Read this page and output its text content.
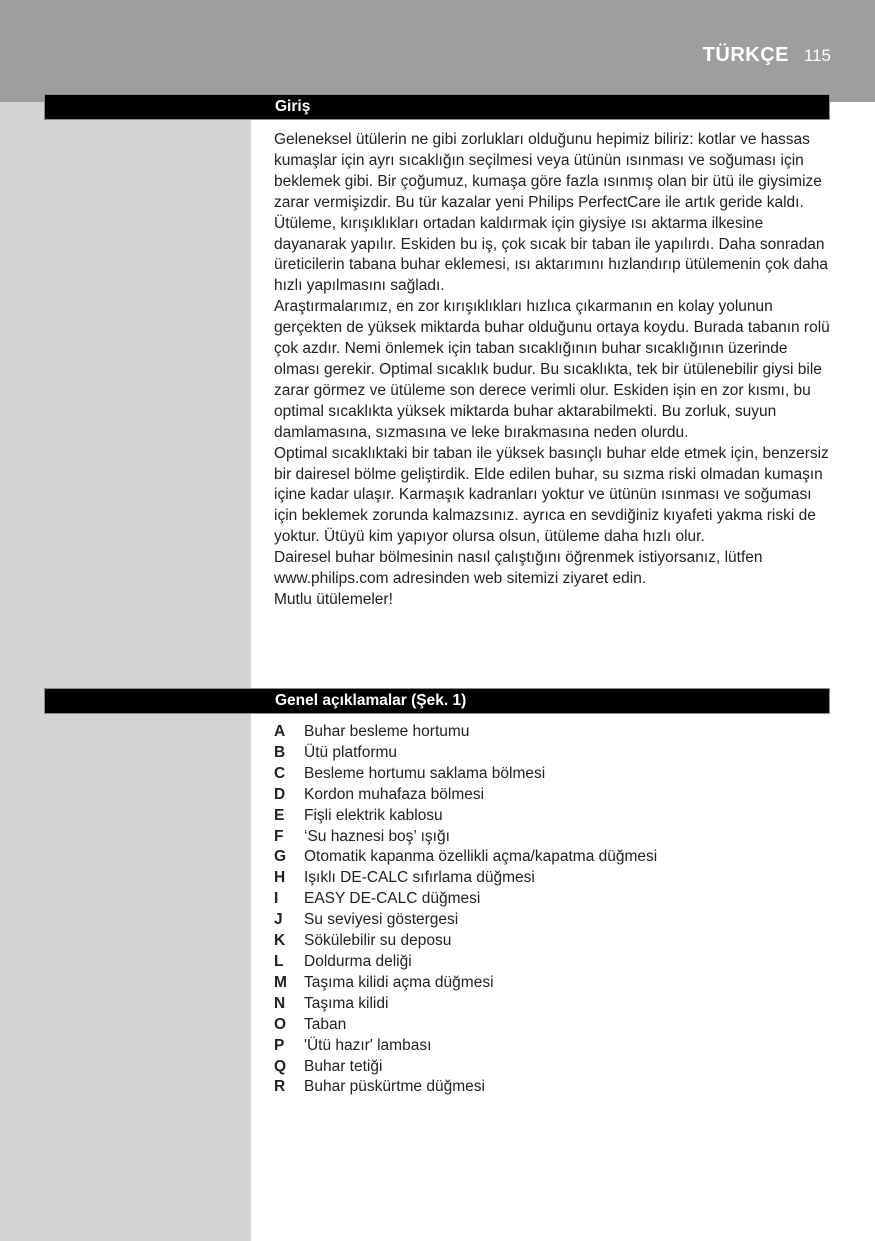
TÜRKÇE 115
Giriş

Geleneksel ütülerin ne gibi zorlukları olduğunu hepimiz biliriz: kotlar ve hassas kumaşlar için ayrı sıcaklığın seçilmesi veya ütünün ısınması ve soğuması için beklemek gibi. Bir çoğumuz, kumaşa göre fazla ısınmış olan bir ütü ile giysimize zarar vermişizdir. Bu tür kazalar yeni Philips PerfectCare ile artık geride kaldı.

Ütüleme, kırışıklıkları ortadan kaldırmak için giysiye ısı aktarma ilkesine dayanarak yapılır. Eskiden bu iş, çok sıcak bir taban ile yapılırdı. Daha sonradan üreticilerin tabana buhar eklemesi, ısı aktarımını hızlandırıp ütülemenin çok daha hızlı yapılmasını sağladı.

Araştırmalarımız, en zor kırışıklıkları hızlıca çıkarmanın en kolay yolunun gerçekten de yüksek miktarda buhar olduğunu ortaya koydu. Burada tabanın rolü çok azdır. Nemi önlemek için taban sıcaklığının buhar sıcaklığının üzerinde olması gerekir. Optimal sıcaklık budur. Bu sıcaklıkta, tek bir ütülenebilir giysi bile zarar görmez ve ütüleme son derece verimli olur. Eskiden işin en zor kısmı, bu optimal sıcaklıkta yüksek miktarda buhar aktarabilmekti. Bu zorluk, suyun damlamasına, sızmasına ve leke bırakmasına neden olurdu.

Optimal sıcaklıktaki bir taban ile yüksek basınçlı buhar elde etmek için, benzersiz bir dairesel bölme geliştirdik. Elde edilen buhar, su sızma riski olmadan kumaşın içine kadar ulaşır. Karmaşık kadranları yoktur ve ütünün ısınması ve soğuması için beklemek zorunda kalmazsınız. ayrıca en sevdiğiniz kıyafeti yakma riski de yoktur. Ütüyü kim yapıyor olursa olsun, ütüleme daha hızlı olur.

Dairesel buhar bölmesinin nasıl çalıştığını öğrenmek istiyorsanız, lütfen www.philips.com adresinden web sitemizi ziyaret edin.

Mutlu ütülemeler!

Genel açıklamalar (Şek. 1)
A	Buhar besleme hortumu
B	Ütü platformu
C	Besleme hortumu saklama bölmesi
D	Kordon muhafaza bölmesi
E	Fişli elektrik kablosu
F	‘Su haznesi boş’ ışığı
G	Otomatik kapanma özellikli açma/kapatma düğmesi
H	Işıklı DE-CALC sıfırlama düğmesi
I	EASY DE-CALC düğmesi
J	Su seviyesi göstergesi
K	Sökülebilir su deposu
L	Doldurma deliği
M	Taşıma kilidi açma düğmesi
N	Taşıma kilidi
O	Taban
P	'Ütü hazır' lambası
Q	Buhar tetiği
R	Buhar püskürtme düğmesi
